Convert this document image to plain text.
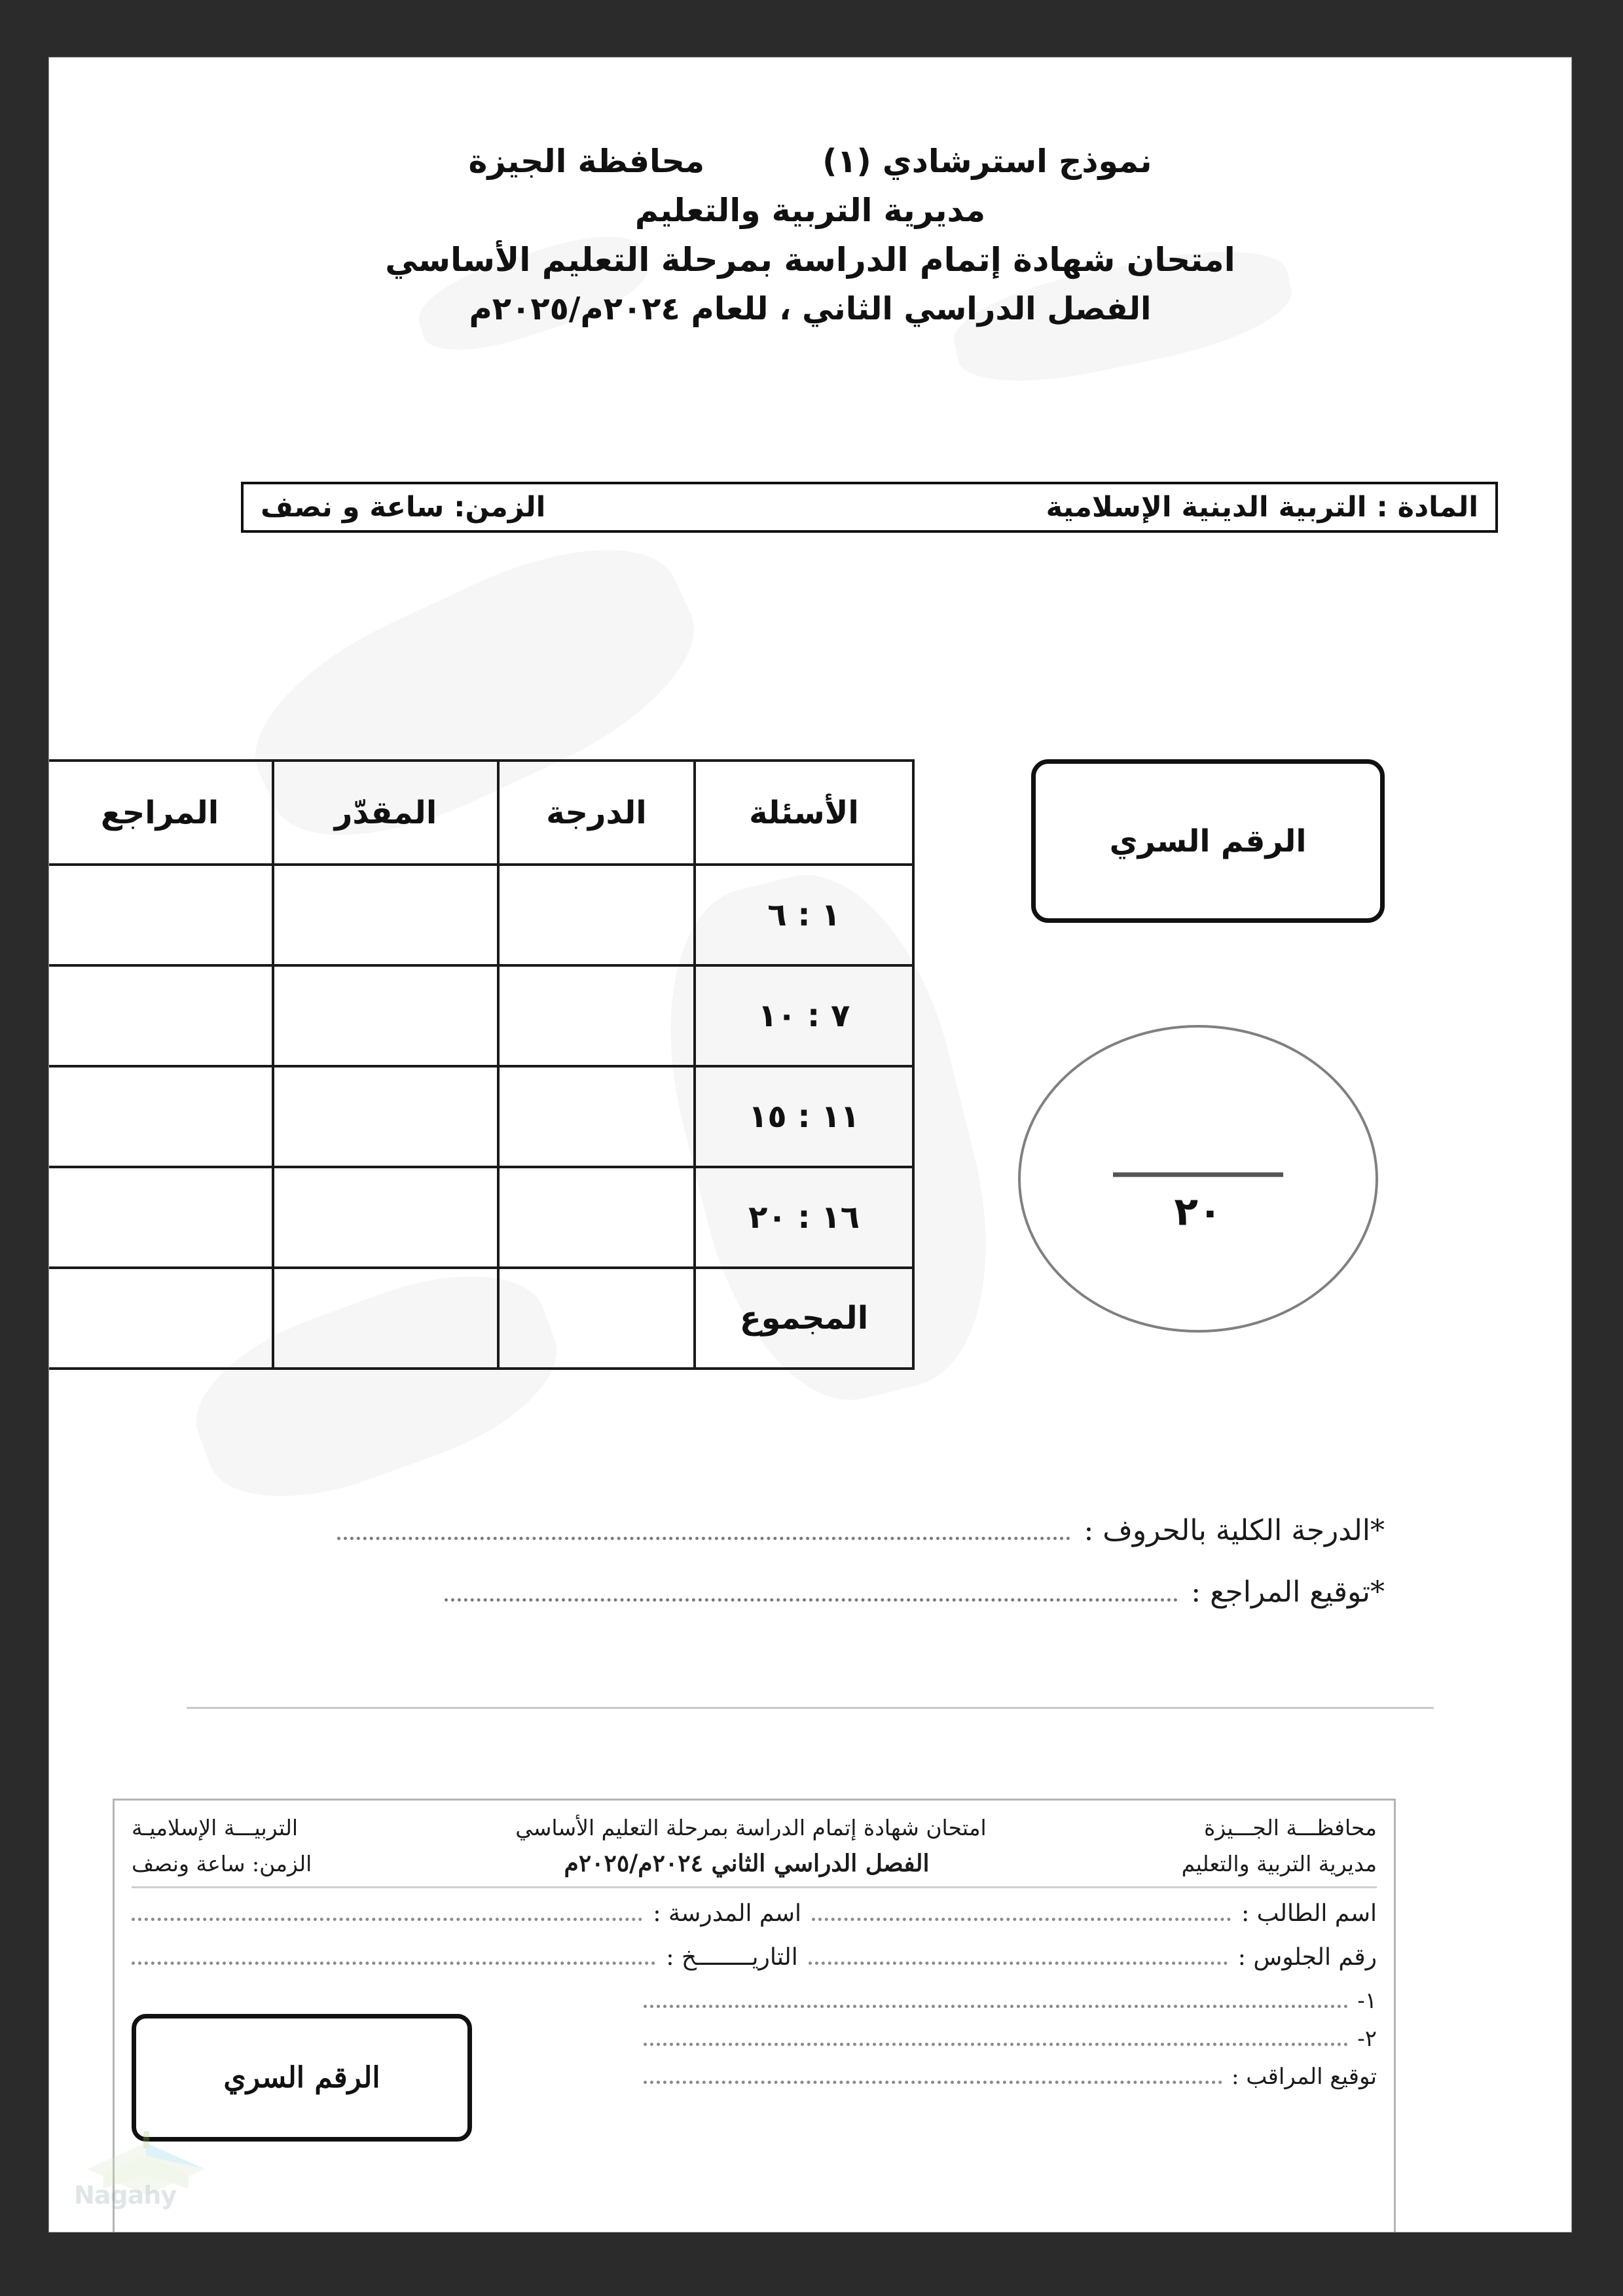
نموذج استرشادي (١)
محافظة الجيزة
مديرية التربية والتعليم
امتحان شهادة إتمام الدراسة بمرحلة التعليم الأساسي
الفصل الدراسي الثاني ، للعام ٢٠٢٤م/٢٠٢٥م
المادة : التربية الدينية الإسلامية
الزمن: ساعة و نصف
الأسئلة	الدرجة	المقدّر	المراجع
١ : ٦			
٧ : ١٠			
١١ : ١٥			
١٦ : ٢٠			
المجموع			
الرقم السري
٢٠
*الدرجة الكلية بالحروف :
*توقيع المراجع :
محافظـــة الجـــيزة
امتحان شهادة إتمام الدراسة بمرحلة التعليم الأساسي
التربيـــة الإسلاميـة
مديرية التربية والتعليم
الفصل الدراسي الثاني ٢٠٢٤م/٢٠٢٥م
الزمن: ساعة ونصف
اسم الطالب :
اسم المدرسة :
رقم الجلوس :
التاريــــــــخ :
١-
٢-
توقيع المراقب :
الرقم السري
Nagahy
